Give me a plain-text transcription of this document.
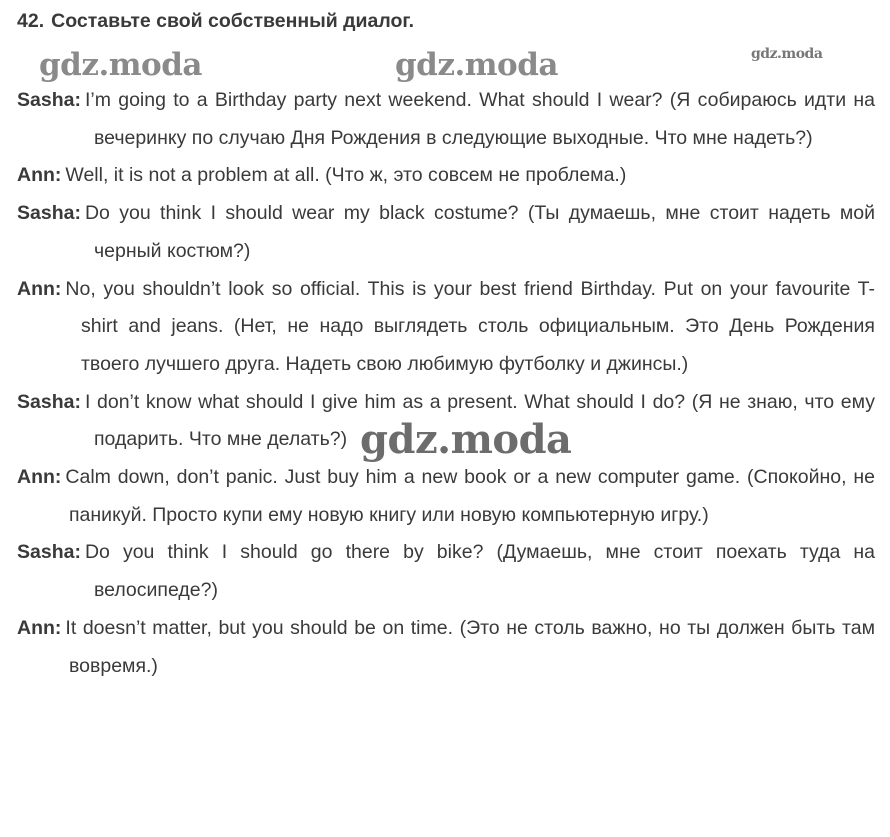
42. Составьте свой собственный диалог.

Sasha: I’m going to a Birthday party next weekend. What should I wear? (Я собираюсь идти на вечеринку по случаю Дня Рождения в следующие выходные. Что мне надеть?)

Ann: Well, it is not a problem at all. (Что ж, это совсем не проблема.)

Sasha: Do you think I should wear my black costume? (Ты думаешь, мне стоит надеть мой черный костюм?)

Ann: No, you shouldn’t look so official. This is your best friend Birthday. Put on your favourite T-shirt and jeans. (Нет, не надо выглядеть столь официальным. Это День Рождения твоего лучшего друга. Надеть свою любимую футболку и джинсы.)

Sasha: I don’t know what should I give him as a present. What should I do? (Я не знаю, что ему подарить. Что мне делать?)

Ann: Calm down, don’t panic. Just buy him a new book or a new computer game. (Спокойно, не паникуй. Просто купи ему новую книгу или новую компьютерную игру.)

Sasha: Do you think I should go there by bike? (Думаешь, мне стоит поехать туда на велосипеде?)

Ann: It doesn’t matter, but you should be on time. (Это не столь важно, но ты должен быть там вовремя.)

gdz.moda	gdz.moda	gdz.moda
gdz.moda
